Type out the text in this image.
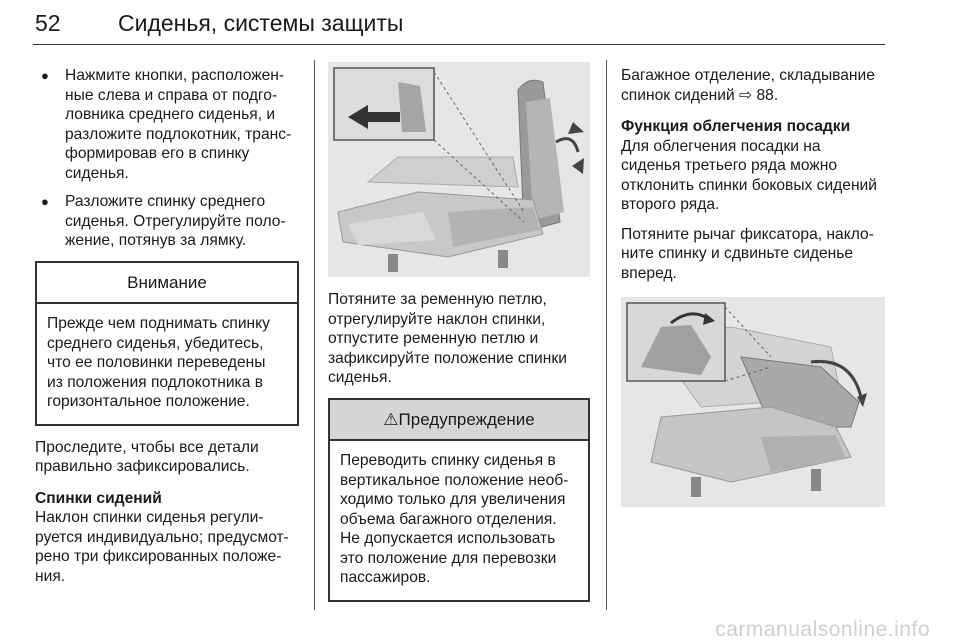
52 Сиденья, системы защиты
● Нажмите кнопки, расположен-

ные слева и справа от подго-

ловника среднего сиденья, и

разложите подлокотник, транс-

формировав его в спинку

сиденья.

● Разложите спинку среднего

сиденья. Отрегулируйте поло-

жение, потянув за лямку.

Внимание

Прежде чем поднимать спинку

среднего сиденья, убедитесь,

что ее половинки переведены

из положения подлокотника в

горизонтальное положение.

Проследите, чтобы все детали

правильно зафиксировались.

Спинки сидений

Наклон спинки сиденья регули-

руется индивидуально; предусмот-

рено три фиксированных положе-

ния.

Потяните за ременную петлю,

отрегулируйте наклон спинки,

отпустите ременную петлю и

зафиксируйте положение спинки

сиденья.

⚠Предупреждение

Переводить спинку сиденья в

вертикальное положение необ-

ходимо только для увеличения

объема багажного отделения.

Не допускается использовать

это положение для перевозки

пассажиров.

Багажное отделение, складывание

спинок сидений ⇨ 88.

Функция облегчения посадки

Для облегчения посадки на

сиденья третьего ряда можно

отклонить спинки боковых сидений

второго ряда.

Потяните рычаг фиксатора, накло-

ните спинку и сдвиньте сиденье

вперед.

carmanualsonline.info
